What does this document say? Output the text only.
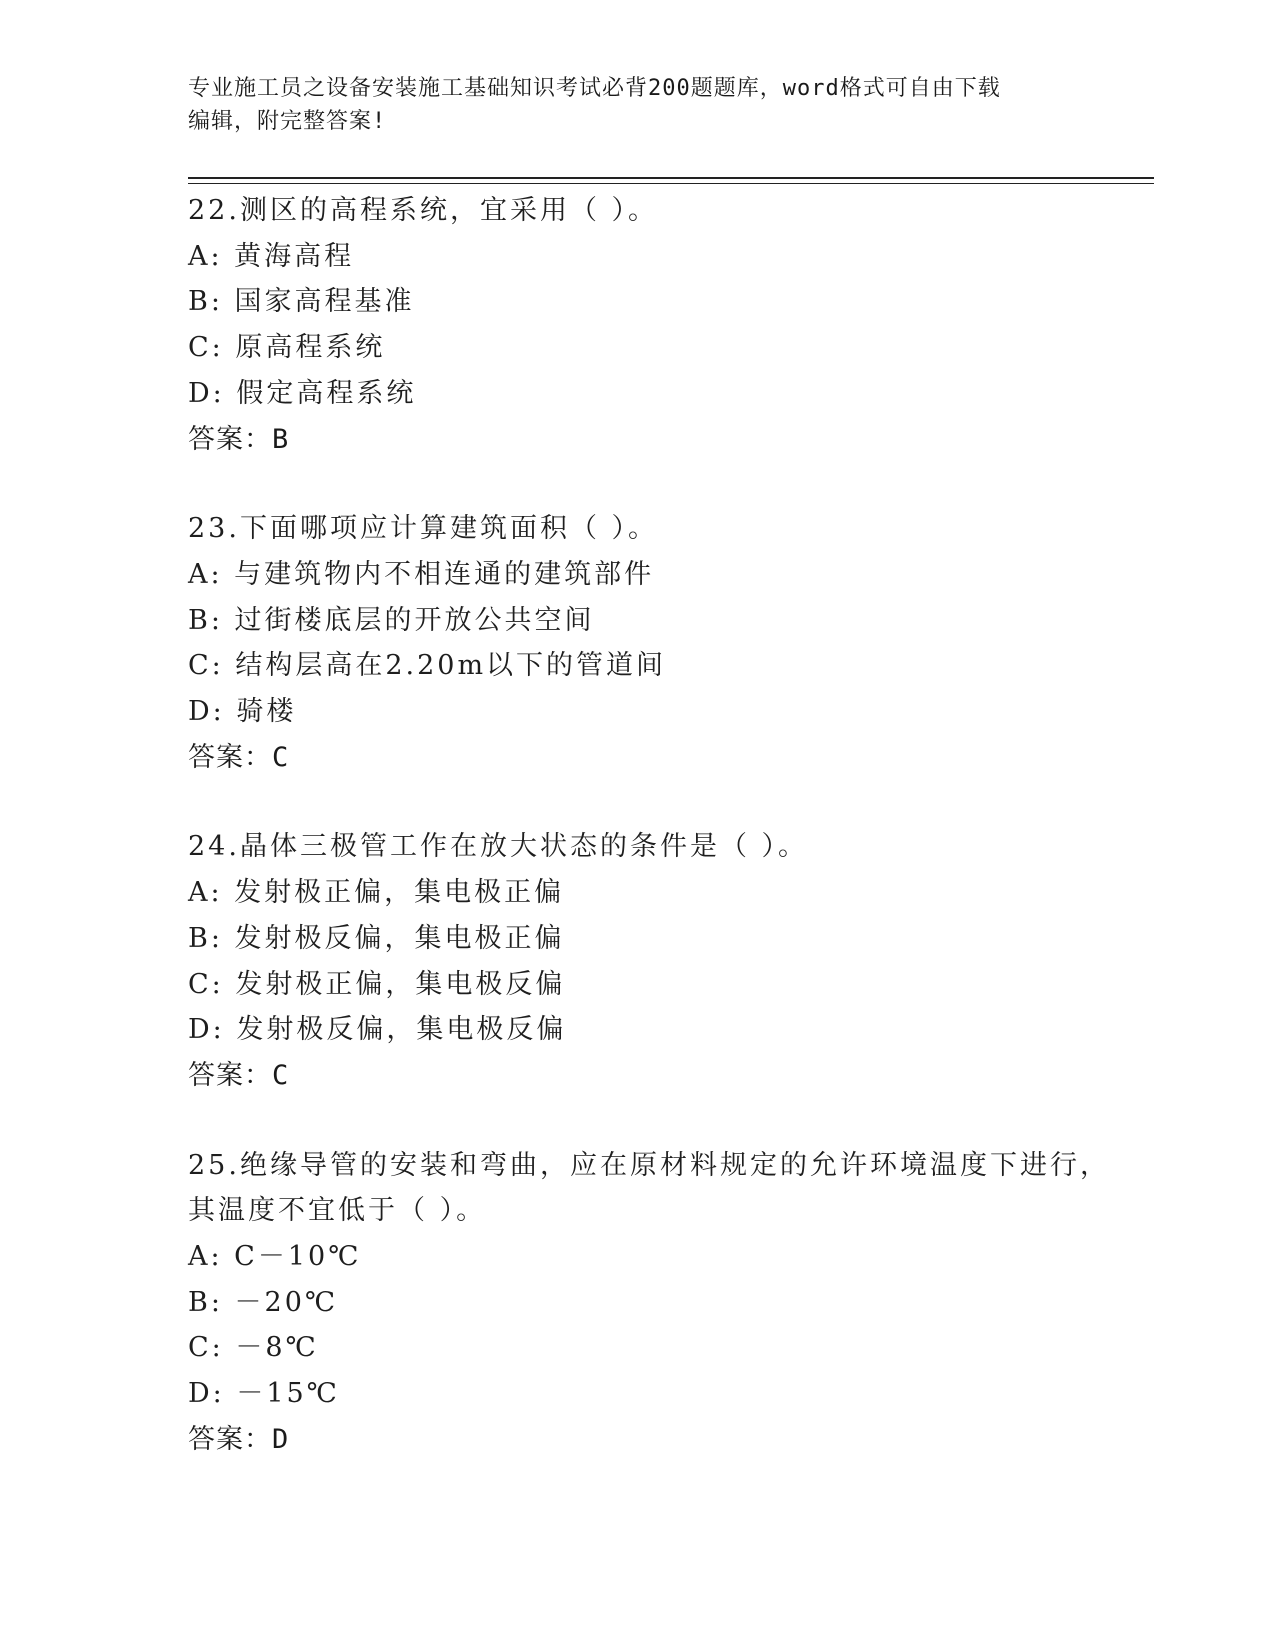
专业施工员之设备安装施工基础知识考试必背200题题库，word格式可自由下载
编辑，附完整答案!
22.测区的高程系统，宜采用（ ）。
A: 黄海高程
B: 国家高程基准
C: 原高程系统
D: 假定高程系统
答案：B
23.下面哪项应计算建筑面积（ ）。
A: 与建筑物内不相连通的建筑部件
B: 过街楼底层的开放公共空间
C: 结构层高在2.20m以下的管道间
D: 骑楼
答案：C
24.晶体三极管工作在放大状态的条件是（ ）。
A: 发射极正偏，集电极正偏
B: 发射极反偏，集电极正偏
C: 发射极正偏，集电极反偏
D: 发射极反偏，集电极反偏
答案：C
25.绝缘导管的安装和弯曲，应在原材料规定的允许环境温度下进行，
其温度不宜低于（ ）。
A: C－10℃
B: －20℃
C: －8℃
D: －15℃
答案：D
